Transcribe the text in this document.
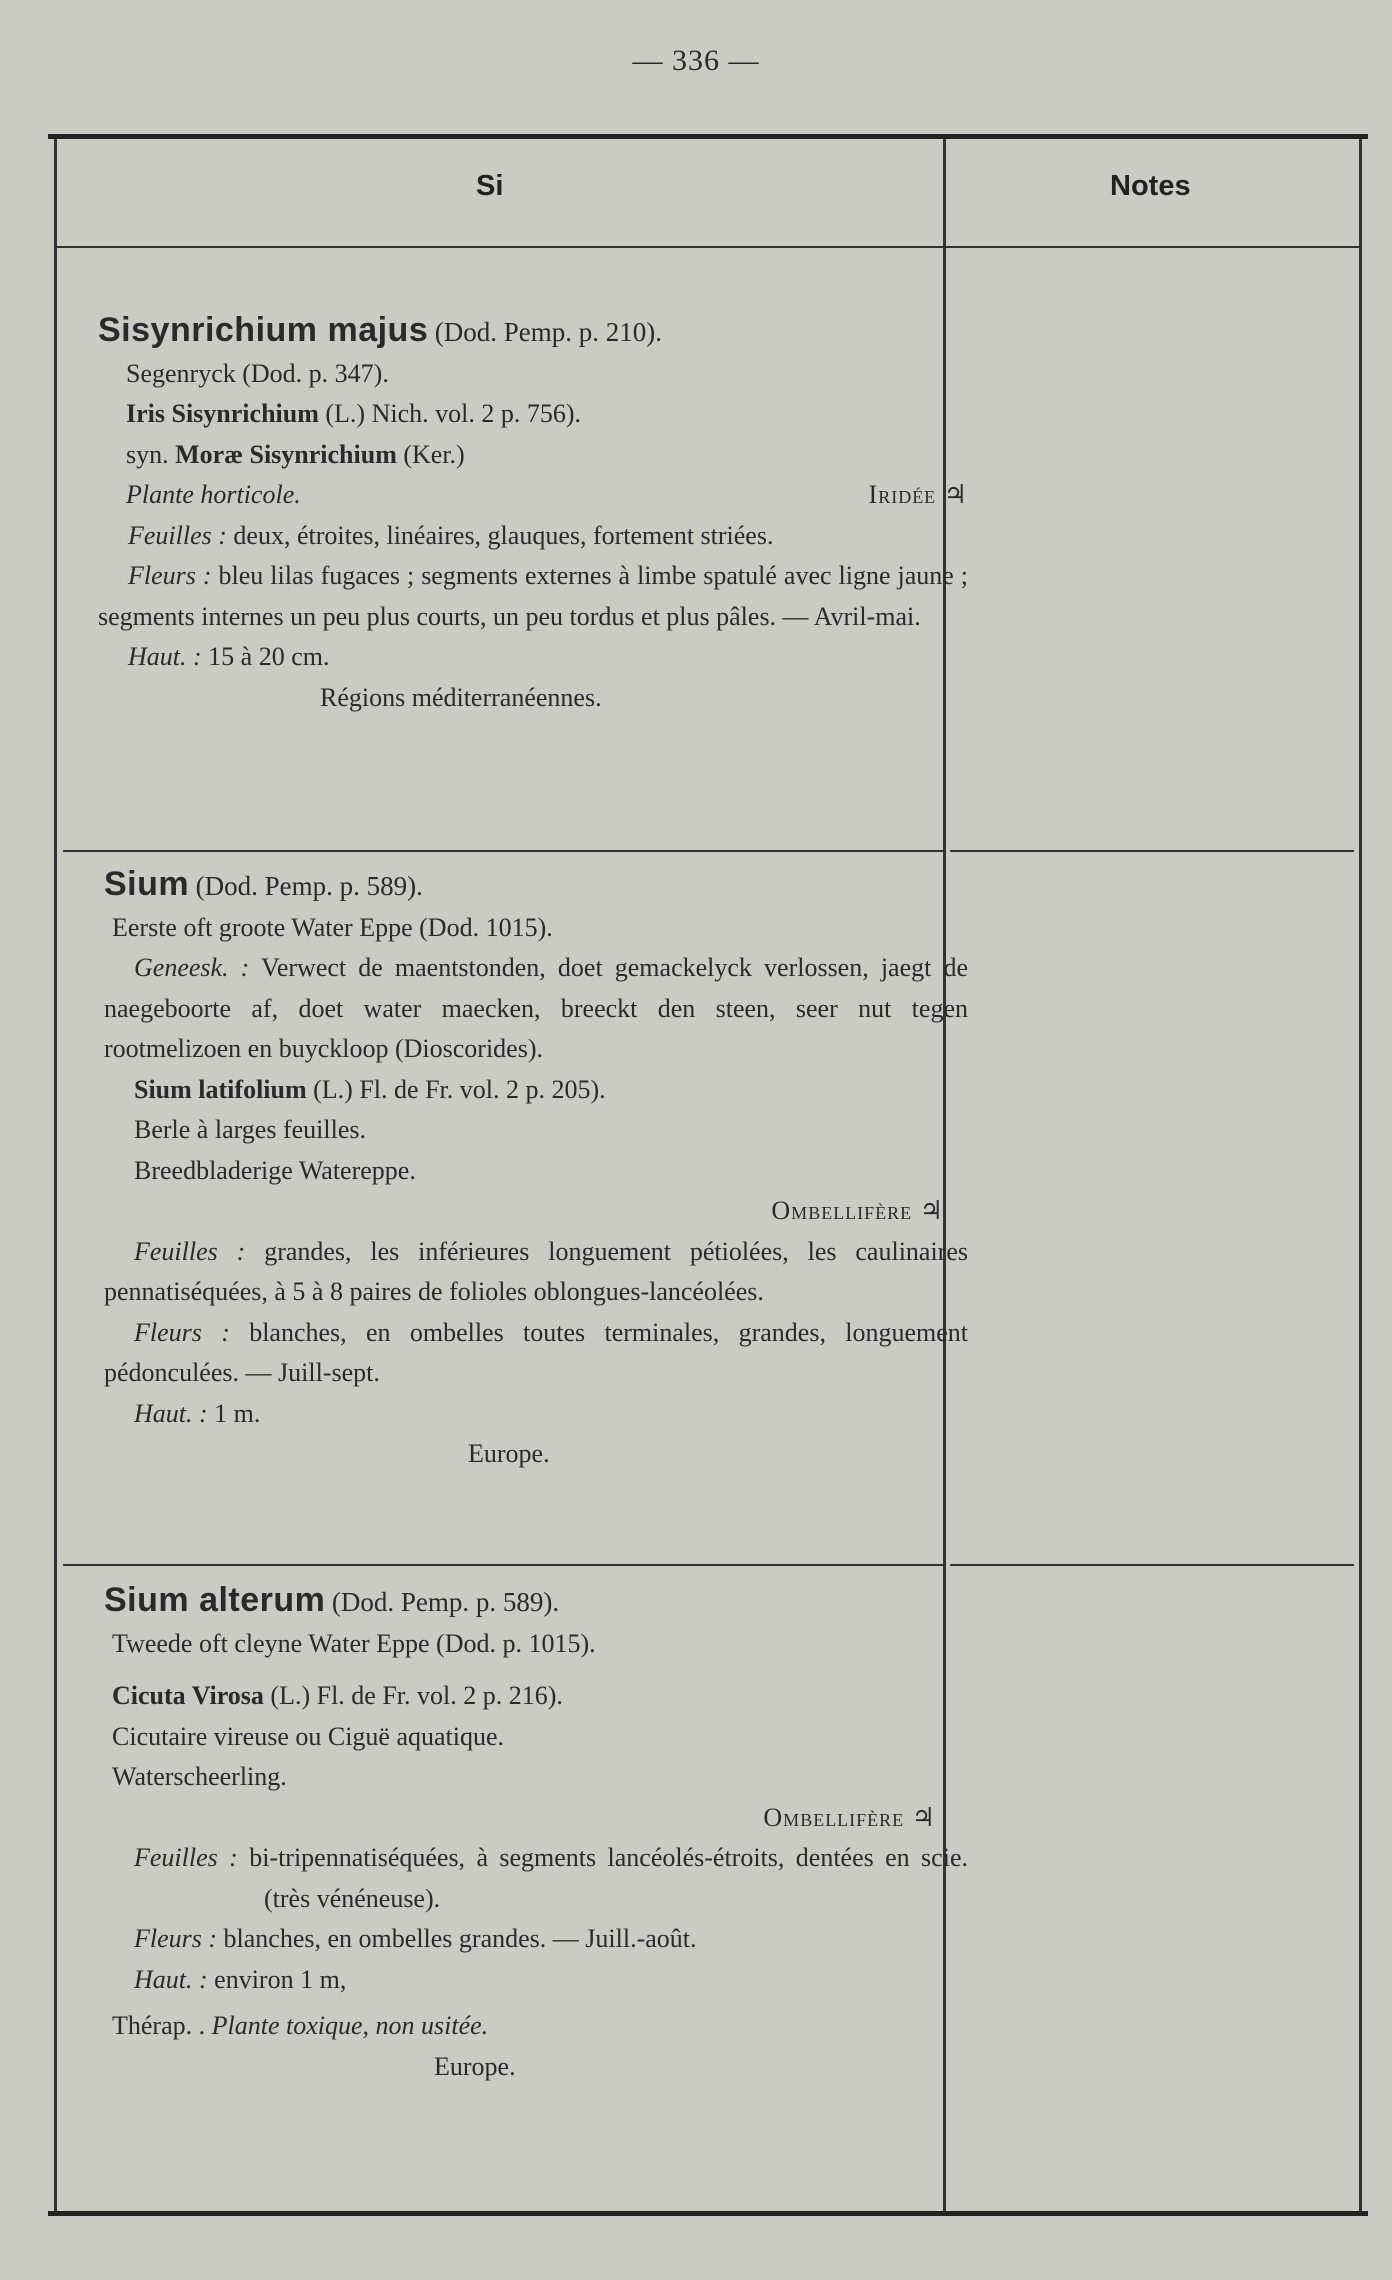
— 336 —
Si	Notes

Sisynrichium majus (Dod. Pemp. p. 210).

Segenryck (Dod. p. 347).

Iris Sisynrichium (L.) Nich. vol. 2 p. 756).

syn. Moræ Sisynrichium (Ker.)

Plante horticole.	Iridée ♃

Feuilles : deux, étroites, linéaires, glauques, fortement striées.

Fleurs : bleu lilas fugaces ; segments externes à limbe spatulé avec ligne jaune ; segments internes un peu plus courts, un peu tordus et plus pâles. — Avril-mai.

Haut. : 15 à 20 cm.

Régions méditerranéennes.

Sium (Dod. Pemp. p. 589).

Eerste oft groote Water Eppe (Dod. 1015).

Geneesk. : Verwect de maentstonden, doet gemackelyck verlossen, jaegt de naegeboorte af, doet water maecken, breeckt den steen, seer nut tegen rootmelizoen en buyckloop (Dioscorides).

Sium latifolium (L.) Fl. de Fr. vol. 2 p. 205).

Berle à larges feuilles.

Breedbladerige Watereppe.

Ombellifère ♃

Feuilles : grandes, les inférieures longuement pétiolées, les caulinaires pennatiséquées, à 5 à 8 paires de folioles oblongues-lancéolées.

Fleurs : blanches, en ombelles toutes terminales, grandes, longuement pédonculées. — Juill-sept.

Haut. : 1 m.

Europe.

Sium alterum (Dod. Pemp. p. 589).

Tweede oft cleyne Water Eppe (Dod. p. 1015).

Cicuta Virosa (L.) Fl. de Fr. vol. 2 p. 216).

Cicutaire vireuse ou Ciguë aquatique.

Waterscheerling.

Ombellifère ♃

Feuilles : bi-tripennatiséquées, à segments lancéolés-étroits, dentées en scie. (très vénéneuse).

Fleurs : blanches, en ombelles grandes. — Juill.-août.

Haut. : environ 1 m,

Thérap. . Plante toxique, non usitée.

Europe.
